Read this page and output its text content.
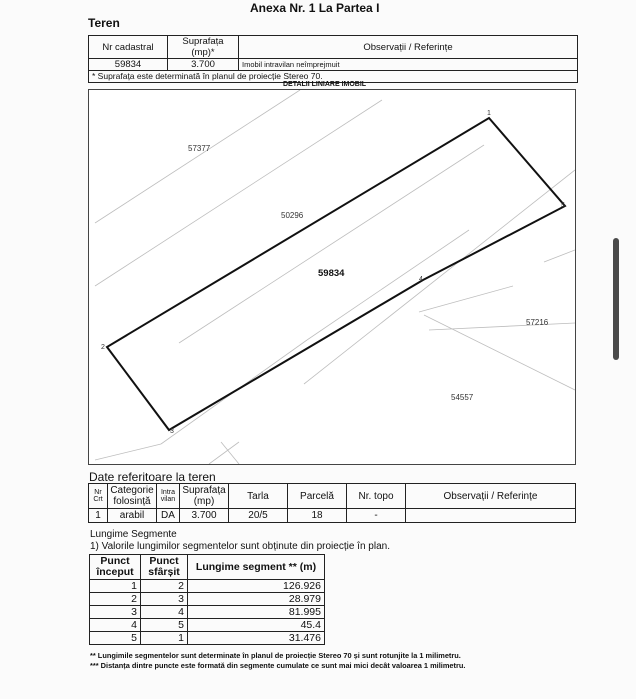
Anexa Nr. 1 La Partea I
Teren
Nr cadastral	Suprafața (mp)*	Observații / Referințe
59834	3.700	Imobil intravilan neîmprejmuit
* Suprafața este determinată în planul de proiecție Stereo 70.		
DETALII LINIARE IMOBIL
57377
50296
57216
54557
59834
1
2
3
4
5
Date referitoare la teren
Nr Crt	Categorie folosință	Intra vilan	Suprafața (mp)	Tarla	Parcelă	Nr. topo	Observații / Referințe
1	arabil	DA	3.700	20/5	18	-	
Lungime Segmente
1) Valorile lungimilor segmentelor sunt obținute din proiecție în plan.
Punct început	Punct sfârșit	Lungime segment ** (m)
1	2	126.926
2	3	28.979
3	4	81.995
4	5	45.4
5	1	31.476
** Lungimile segmentelor sunt determinate în planul de proiecție Stereo 70 și sunt rotunjite la 1 milimetru.
*** Distanța dintre puncte este formată din segmente cumulate ce sunt mai mici decât valoarea 1 milimetru.
